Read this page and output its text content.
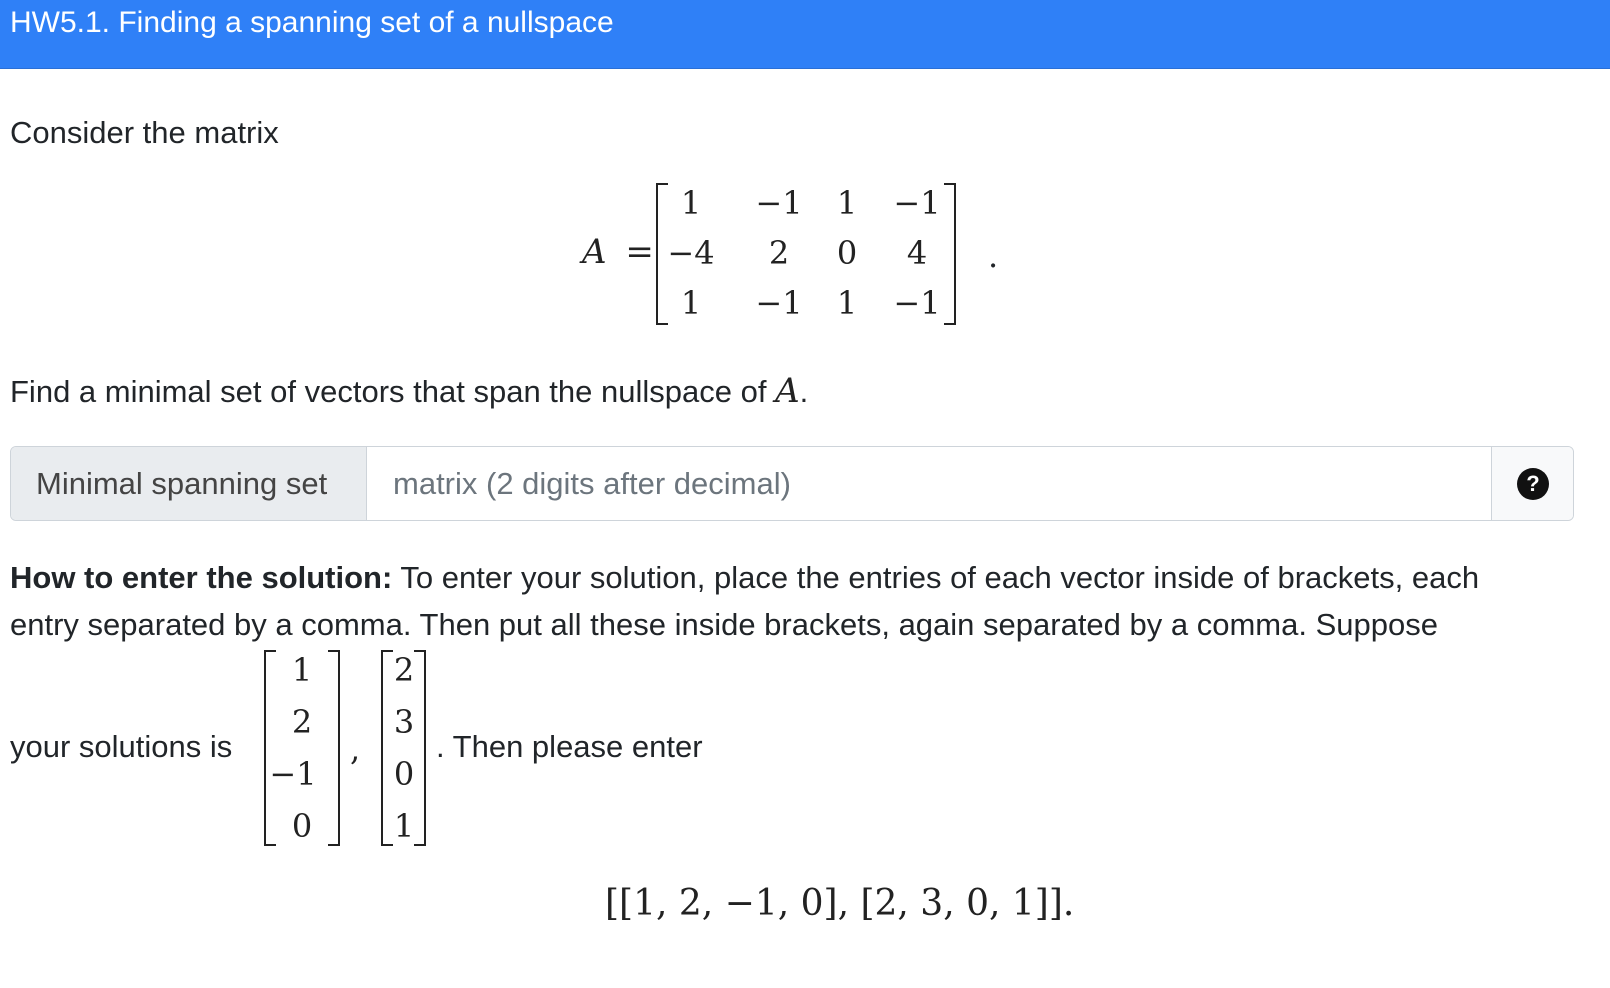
HW5.1. Finding a spanning set of a nullspace
Consider the matrix
A =
1	−1	1	−1
−4	2	0	4
1	−1	1	−1
.
Find a minimal set of vectors that span the nullspace of A.
Minimal spanning set
matrix (2 digits after decimal)	?
How to enter the solution: To enter your solution, place the entries of each vector inside of brackets, each
entry separated by a comma. Then put all these inside brackets, again separated by a comma. Suppose
your solutions is
1
2
−1
0
,
2
3
0
1
. Then please enter
[[1, 2, −1, 0], [2, 3, 0, 1]].
